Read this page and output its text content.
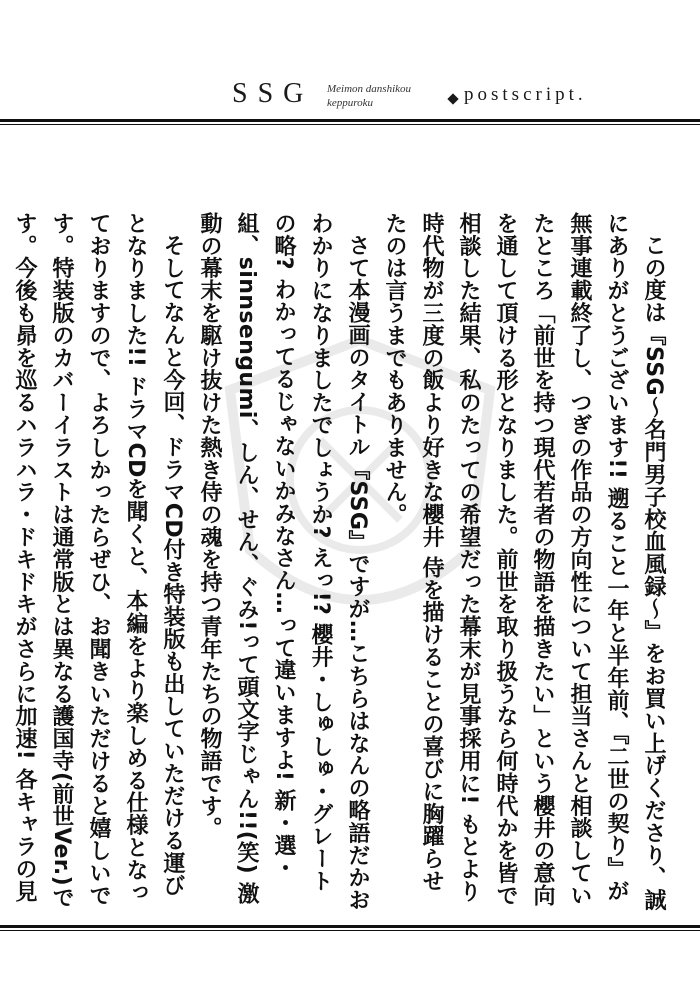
SSG Meimon danshikou
keppuroku	postscript.

この度は『SSG〜名門男子校血風録〜』をお買い上げくださり、誠にありがとうございます!! 遡ること一年と半年前、『二世の契り』が無事連載終了し、つぎの作品の方向性について担当さんと相談していたところ「前世を持つ現代若者の物語を描きたい」という櫻井の意向を通して頂ける形となりました。前世を取り扱うなら何時代かを皆で相談した結果、私のたっての希望だった幕末が見事採用に! もとより時代物が三度の飯より好きな櫻井 侍を描けることの喜びに胸躍らせたのは言うまでもありません。

さて本漫画のタイトル『SSG』ですが…こちらはなんの略語だかおわかりになりましたでしょうか? えっ!? 櫻井・しゅしゅ・グレートの略? わかってるじゃないかみなさん…って違いますよ! 新・選・組、sinnsengumi、しん、せん、ぐみ!って頭文字じゃん!!(笑) 激動の幕末を駆け抜けた熱き侍の魂を持つ青年たちの物語です。

そしてなんと今回、ドラマCD付き特装版も出していただける運びとなりました!! ドラマCDを聞くと、本編をより楽しめる仕様となっておりますので、よろしかったらぜひ、お聞きいただけると嬉しいです。特装版のカバーイラストは通常版とは異なる護国寺(前世Ver.)です。今後も昴を巡るハラハラ・ドキドキがさらに加速! 各キャラの見
